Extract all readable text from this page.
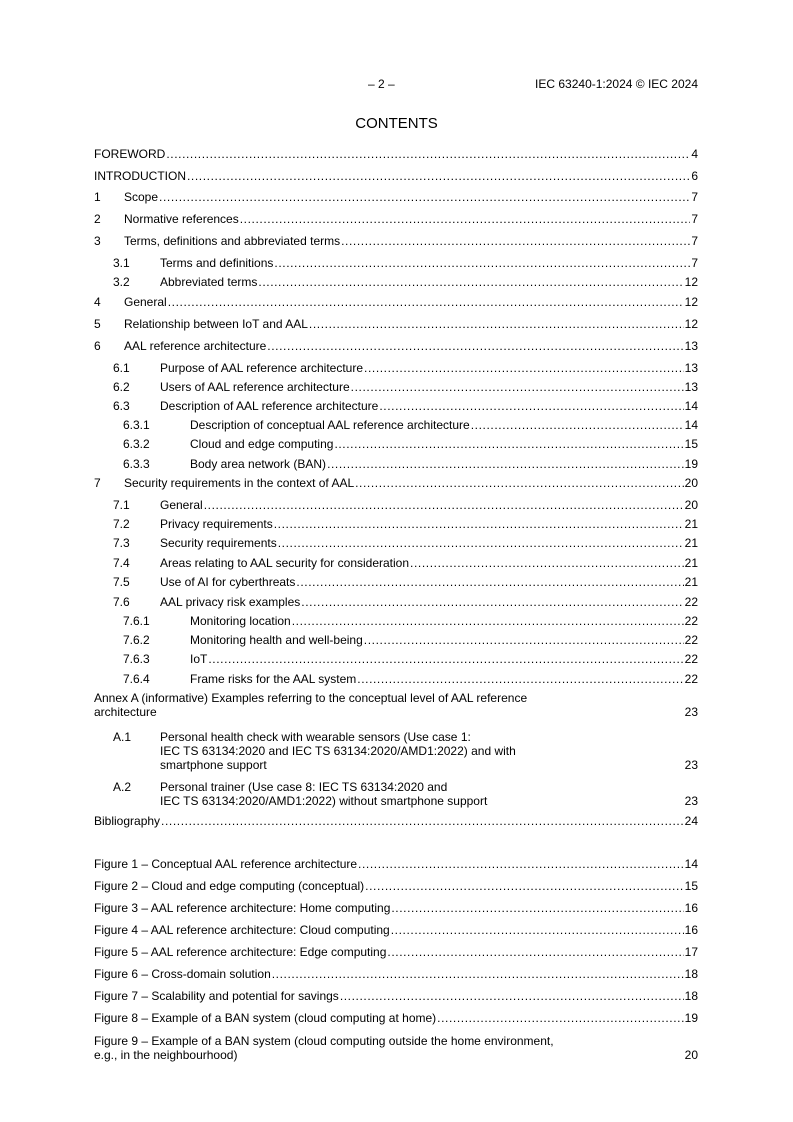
– 2 –	IEC 63240-1:2024 © IEC 2024
CONTENTS
FOREWORD .....	4
INTRODUCTION .....	6
1 Scope .....	7
2 Normative references .....	7
3 Terms, definitions and abbreviated terms .....	7
3.1	Terms and definitions .....	7
3.2	Abbreviated terms .....	12
4 General .....	12
5 Relationship between IoT and AAL .....	12
6 AAL reference architecture .....	13
6.1	Purpose of AAL reference architecture .....	13
6.2	Users of AAL reference architecture .....	13
6.3	Description of AAL reference architecture .....	14
6.3.1	Description of conceptual AAL reference architecture .....	14
6.3.2	Cloud and edge computing .....	15
6.3.3	Body area network (BAN) .....	19
7 Security requirements in the context of AAL .....	20
7.1	General .....	20
7.2	Privacy requirements .....	21
7.3	Security requirements .....	21
7.4	Areas relating to AAL security for consideration .....	21
7.5	Use of AI for cyberthreats .....	21
7.6	AAL privacy risk examples .....	22
7.6.1	Monitoring location .....	22
7.6.2	Monitoring health and well-being .....	22
7.6.3	IoT .....	22
7.6.4	Frame risks for the AAL system .....	22
Annex A (informative) Examples referring to the conceptual level of AAL reference
architecture	23
A.1 Personal health check with wearable sensors (Use case 1:
IEC TS 63134:2020 and IEC TS 63134:2020/AMD1:2022) and with
smartphone support	23
A.2 Personal trainer (Use case 8: IEC TS 63134:2020 and
IEC TS 63134:2020/AMD1:2022) without smartphone support	23
Bibliography .....	24
Figure 1 – Conceptual AAL reference architecture .....	14
Figure 2 – Cloud and edge computing (conceptual) .....	15
Figure 3 – AAL reference architecture: Home computing .....	16
Figure 4 – AAL reference architecture: Cloud computing .....	16
Figure 5 – AAL reference architecture: Edge computing .....	17
Figure 6 – Cross-domain solution .....	18
Figure 7 – Scalability and potential for savings .....	18
Figure 8 – Example of a BAN system (cloud computing at home) .....	19
Figure 9 – Example of a BAN system (cloud computing outside the home environment,
e.g., in the neighbourhood)	20
